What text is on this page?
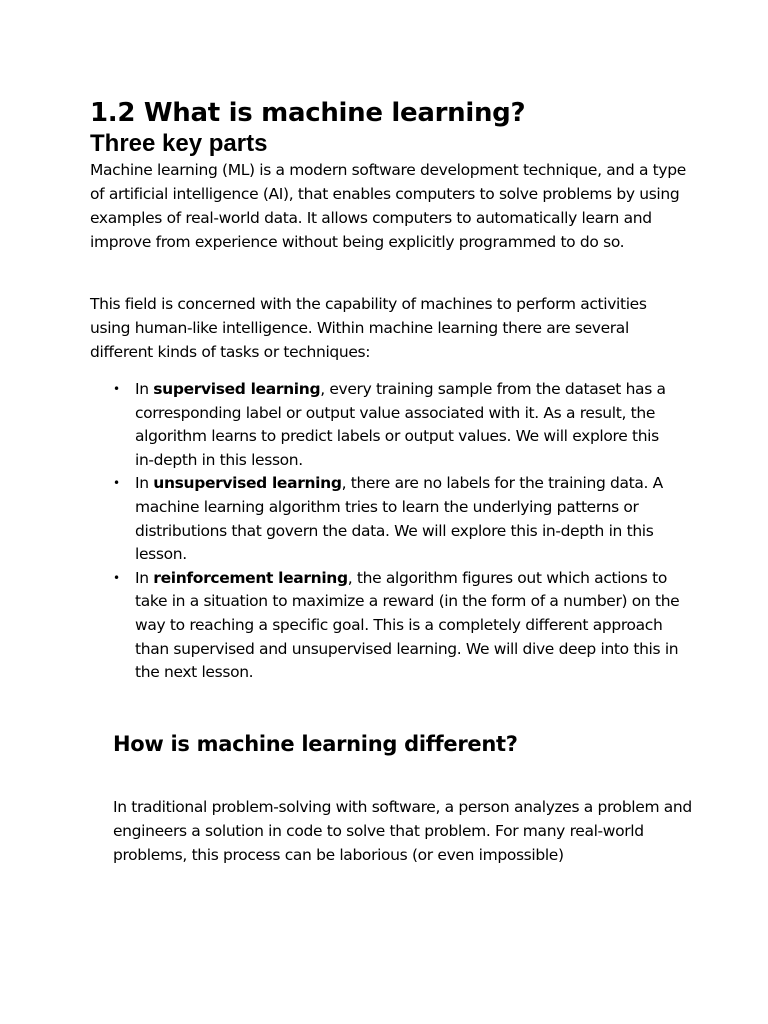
1.2 What is machine learning?
Three key parts

Machine learning (ML) is a modern software development technique, and a type of artificial intelligence (AI), that enables computers to solve problems by using examples of real-world data. It allows computers to automatically learn and improve from experience without being explicitly programmed to do so.

This field is concerned with the capability of machines to perform activities using human-like intelligence. Within machine learning there are several different kinds of tasks or techniques:

• In supervised learning, every training sample from the dataset has a corresponding label or output value associated with it. As a result, the algorithm learns to predict labels or output values. We will explore this in-depth in this lesson.
• In unsupervised learning, there are no labels for the training data. A machine learning algorithm tries to learn the underlying patterns or distributions that govern the data. We will explore this in-depth in this lesson.
• In reinforcement learning, the algorithm figures out which actions to take in a situation to maximize a reward (in the form of a number) on the way to reaching a specific goal. This is a completely different approach than supervised and unsupervised learning. We will dive deep into this in the next lesson.
How is machine learning different?

In traditional problem-solving with software, a person analyzes a problem and engineers a solution in code to solve that problem. For many real-world problems, this process can be laborious (or even impossible)
